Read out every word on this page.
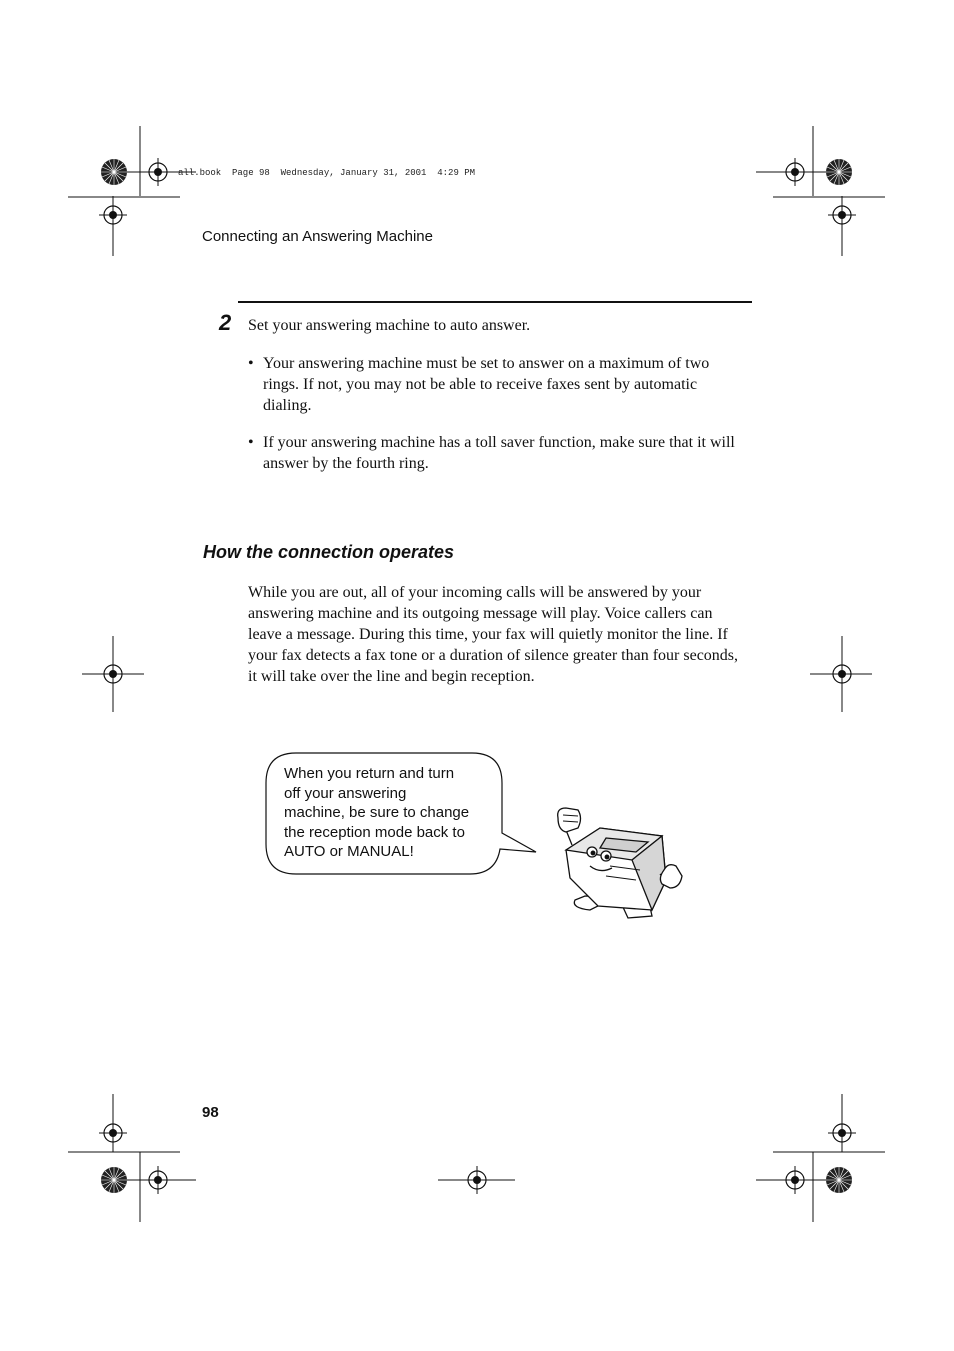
all.book  Page 98  Wednesday, January 31, 2001  4:29 PM
Connecting an Answering Machine
2 Set your answering machine to auto answer.
• Your answering machine must be set to answer on a maximum of two rings. If not, you may not be able to receive faxes sent by automatic dialing.
• If your answering machine has a toll saver function, make sure that it will answer by the fourth ring.
How the connection operates
While you are out, all of your incoming calls will be answered by your answering machine and its outgoing message will play. Voice callers can leave a message. During this time, your fax will quietly monitor the line. If your fax detects a fax tone or a duration of silence greater than four seconds, it will take over the line and begin reception.
When you return and turn
off your answering
machine, be sure to change
the reception mode back to
AUTO or MANUAL!
98
